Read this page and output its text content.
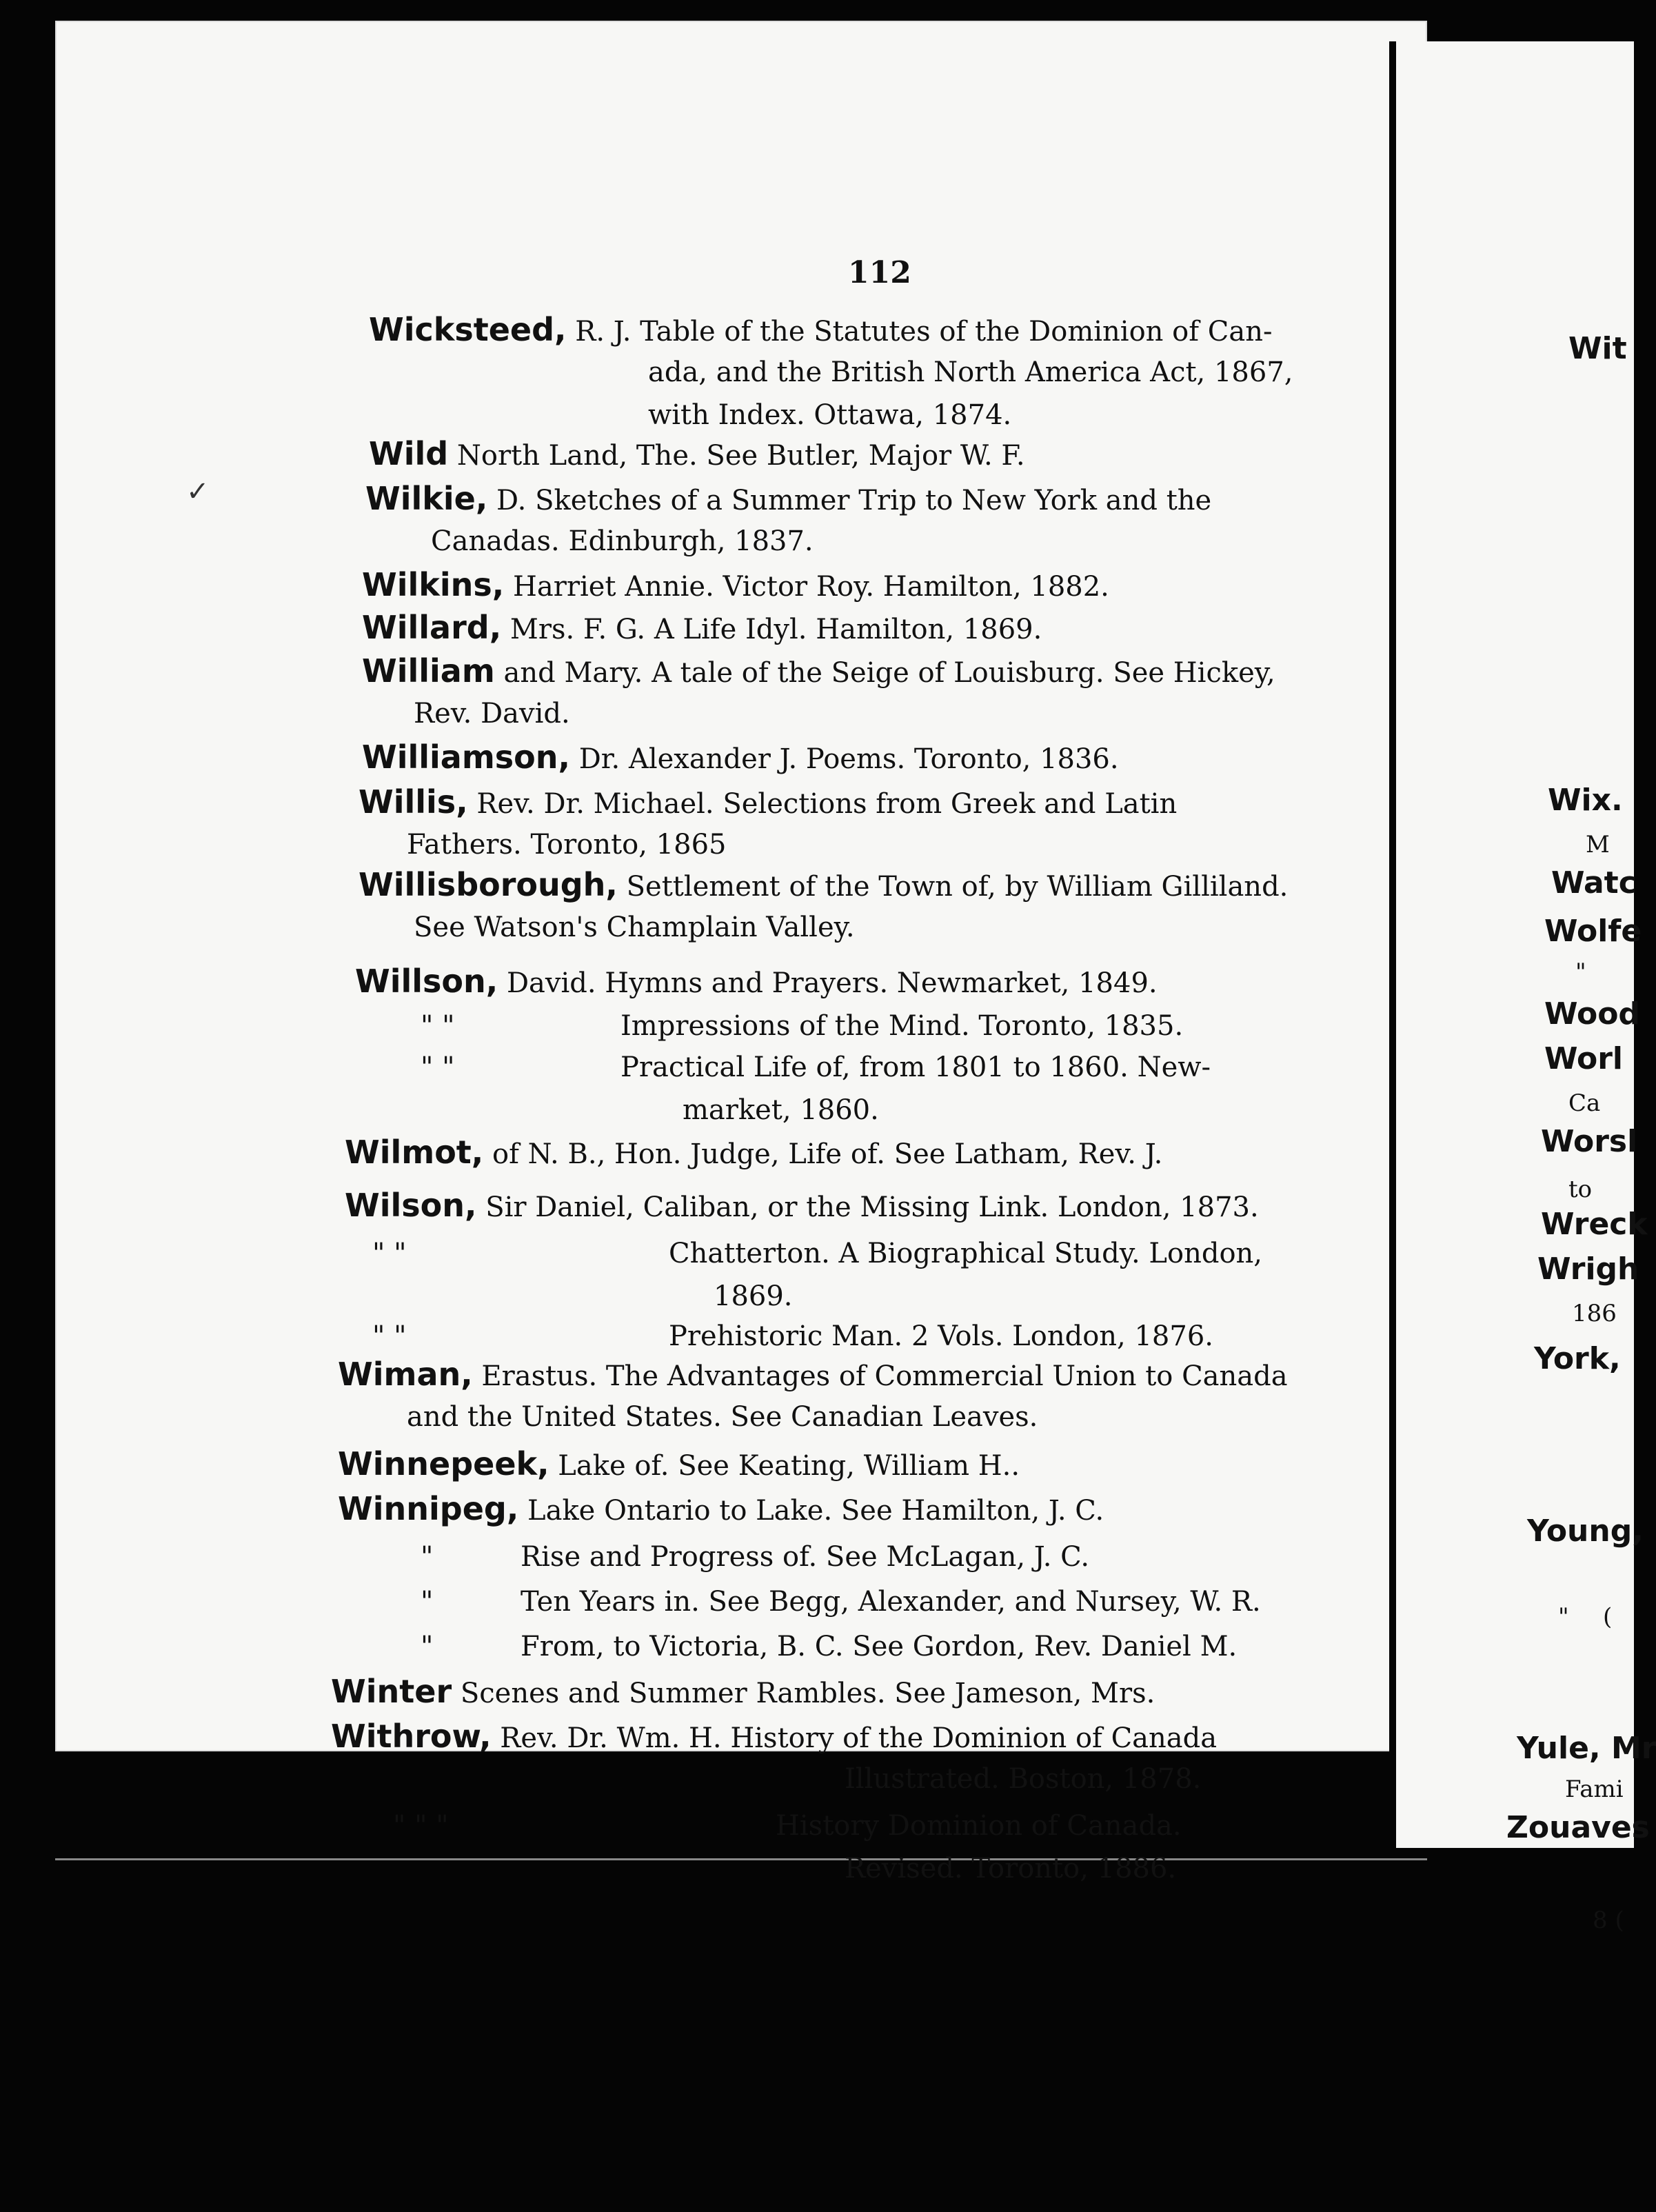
112
Wicksteed, R. J. Table of the Statutes of the Dominion of Can-
ada, and the British North America Act, 1867,
with Index. Ottawa, 1874.
Wild North Land, The. See Butler, Major W. F.
Wilkie, D. Sketches of a Summer Trip to New York and the
Canadas. Edinburgh, 1837.
Wilkins, Harriet Annie. Victor Roy. Hamilton, 1882.
Willard, Mrs. F. G. A Life Idyl. Hamilton, 1869.
William and Mary. A tale of the Seige of Louisburg. See Hickey,
Rev. David.
Williamson, Dr. Alexander J. Poems. Toronto, 1836.
Willis, Rev. Dr. Michael. Selections from Greek and Latin
Fathers. Toronto, 1865
Willisborough, Settlement of the Town of, by William Gilliland.
See Watson's Champlain Valley.
Willson, David. Hymns and Prayers. Newmarket, 1849.
" "	Impressions of the Mind. Toronto, 1835.
" "	Practical Life of, from 1801 to 1860. New-
market, 1860.
Wilmot, of N. B., Hon. Judge, Life of. See Latham, Rev. J.
Wilson, Sir Daniel, Caliban, or the Missing Link. London, 1873.
" "	Chatterton. A Biographical Study. London,
1869.
" "	Prehistoric Man. 2 Vols. London, 1876.
Wiman, Erastus. The Advantages of Commercial Union to Canada
and the United States. See Canadian Leaves.
Winnepeek, Lake of. See Keating, William H..
Winnipeg, Lake Ontario to Lake. See Hamilton, J. C.
"	Rise and Progress of. See McLagan, J. C.
"	Ten Years in. See Begg, Alexander, and Nursey, W. R.
"	From, to Victoria, B. C. See Gordon, Rev. Daniel M.
Winter Scenes and Summer Rambles. See Jameson, Mrs.
Withrow, Rev. Dr. Wm. H. History of the Dominion of Canada
Illustrated. Boston, 1878.
" " "	History Dominion of Canada.
Revised. Toronto, 1886.
Wit
Wix.
M
Watc
Wolfe
"
Wood
Worl
Ca
Worsl
to
Wreck
Wrigh
186
York,
Young,
" (
Yule, Mr
Fami
Zouaves
8 (
✓
